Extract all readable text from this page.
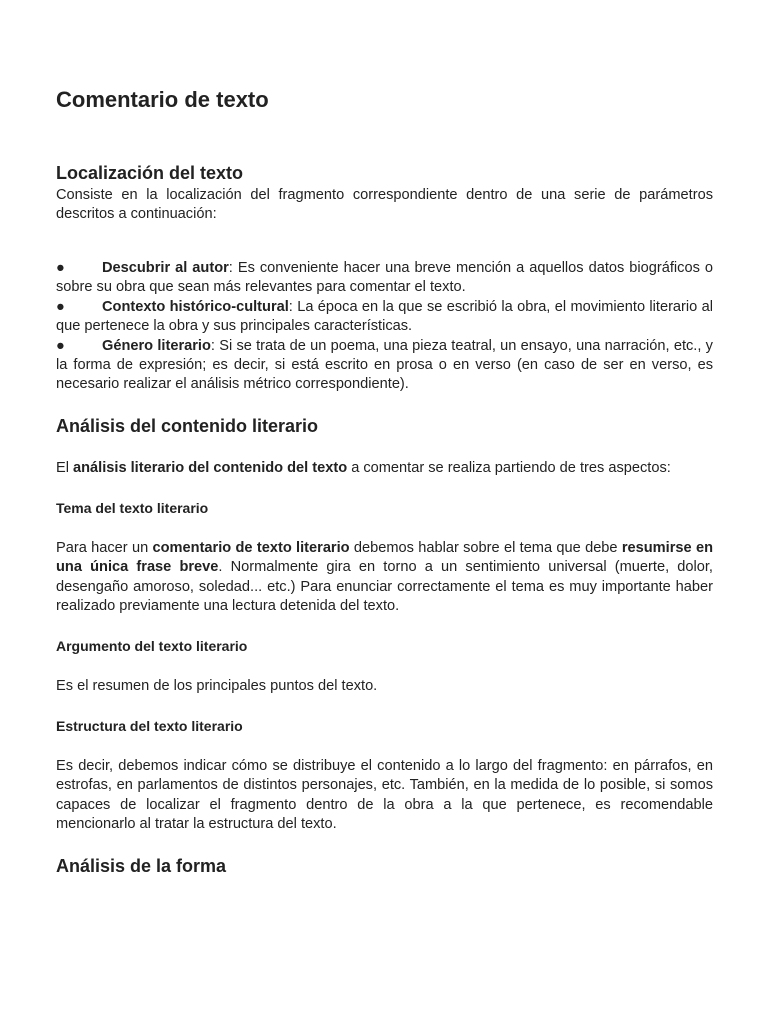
Comentario de texto
Localización del texto

Consiste en la localización del fragmento correspondiente dentro de una serie de parámetros descritos a continuación:

●	Descubrir al autor: Es conveniente hacer una breve mención a aquellos datos biográficos o sobre su obra que sean más relevantes para comentar el texto.
●	Contexto histórico-cultural: La época en la que se escribió la obra, el movimiento literario al que pertenece la obra y sus principales características.
●	Género literario: Si se trata de un poema, una pieza teatral, un ensayo, una narración, etc., y la forma de expresión; es decir, si está escrito en prosa o en verso (en caso de ser en verso, es necesario realizar el análisis métrico correspondiente).
Análisis del contenido literario

El análisis literario del contenido del texto a comentar se realiza partiendo de tres aspectos:

Tema del texto literario

Para hacer un comentario de texto literario debemos hablar sobre el tema que debe resumirse en una única frase breve. Normalmente gira en torno a un sentimiento universal (muerte, dolor, desengaño amoroso, soledad... etc.) Para enunciar correctamente el tema es muy importante haber realizado previamente una lectura detenida del texto.

Argumento del texto literario

Es el resumen de los principales puntos del texto.

Estructura del texto literario

Es decir, debemos indicar cómo se distribuye el contenido a lo largo del fragmento: en párrafos, en estrofas, en parlamentos de distintos personajes, etc. También, en la medida de lo posible, si somos capaces de localizar el fragmento dentro de la obra a la que pertenece, es recomendable mencionarlo al tratar la estructura del texto.

Análisis de la forma
